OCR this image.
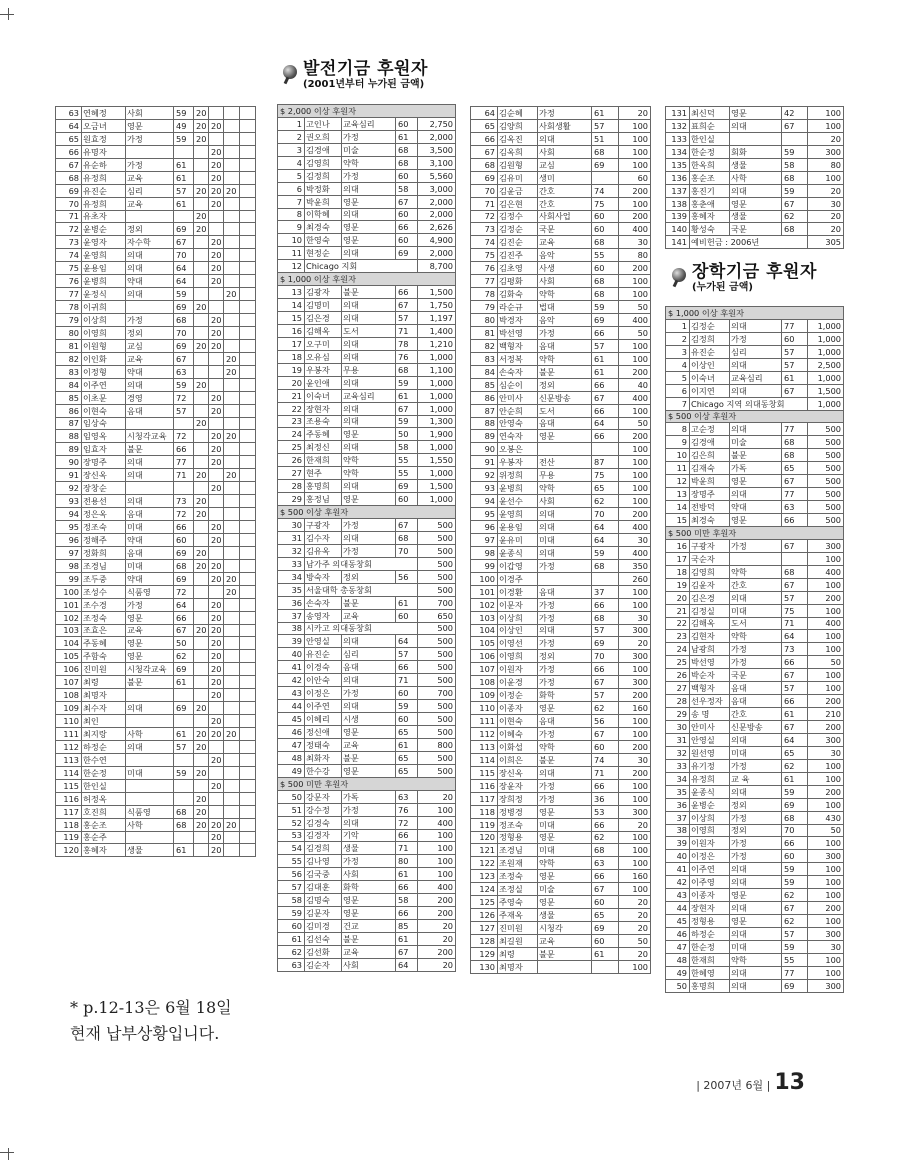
발전기금 후원자
(2001년부터 누가된 금액)
장학기금 후원자
(누가된 금액)
63	연혜정	사회	59	20			
64	오금녀	영문	49	20	20		
65	원효정	가정	59	20			
66	유명자				20		
67	유순하	가정	61		20		
68	유정희	교육	61		20		
69	유진순	심리	57	20	20	20	
70	유정희	교육	61		20		
71	유초자			20			
72	윤병순	정외	69	20			
73	윤영자	자수학	67		20		
74	윤영희	의대	70		20		
75	윤용임	의대	64		20		
76	윤병희	약대	64		20		
77	윤정식	의대	59			20	
78	이귀희		69	20			
79	이상희	가정	68		20		
80	이영희	정외	70		20		
81	이원형	교심	69	20	20		
82	이인화	교육	67			20	
83	이정형	약대	63			20	
84	이주연	의대	59	20			
85	이초문	경영	72		20		
86	이현숙	음대	57		20		
87	임상숙			20			
88	임영옥	시청각교육	72		20	20	
89	임효자	불문	66		20		
90	장명주	의대	77		20		
91	장신옥	의대	71	20		20	
92	장창순				20		
93	전용선	의대	73	20			
94	정은옥	음대	72	20			
95	정조숙	미대	66		20		
96	정해주	약대	60		20		
97	정화희	음대	69	20			
98	조경님	미대	68	20	20		
99	조두중	약대	69		20	20	
100	조성수	식품영	72			20	
101	조수경	가정	64		20		
102	조정숙	영문	66		20		
103	조효은	교육	67	20	20		
104	주동혜	영문	50		20		
105	주함숙	영문	62		20		
106	진미원	시청각교육	69		20		
107	최령	불문	61		20		
108	최명자				20		
109	최수자	의대	69	20			
110	최인				20		
111	최지랑	사학	61	20	20	20	
112	하정순	의대	57	20			
113	한수연				20		
114	한순정	미대	59	20			
115	한인실				20		
116	허정옥			20			
117	호진희	식품영	68	20			
118	홍순조	사학	68	20	20	20	
119	홍순주				20		
120	홍혜자	생물	61		20		
$ 2,000 이상 후원자				
1	고인나	교육심리	60	2,750
2	권오희	가정	61	2,000
3	김경애	미술	68	3,500
4	김영희	약학	68	3,100
5	김정희	가정	60	5,560
6	박정화	의대	58	3,000
7	박윤희	영문	67	2,000
8	이학혜	의대	60	2,000
9	최경숙	영문	66	2,626
10	한영숙	영문	60	4,900
11	현정순	의대	69	2,000
12	Chicago 지회			8,700
$ 1,000 이상 후원자				
13	김광자	불문	66	1,500
14	김명미	의대	67	1,750
15	김은경	의대	57	1,197
16	김해옥	도서	71	1,400
17	오구미	의대	78	1,210
18	오유심	의대	76	1,000
19	우봉자	무용	68	1,100
20	윤인애	의대	59	1,000
21	이숙녀	교육심리	61	1,000
22	장현자	의대	67	1,000
23	조용숙	의대	59	1,300
24	주동혜	영문	50	1,900
25	최정신	의대	58	1,000
26	한재희	약학	55	1,550
27	현주	약학	55	1,000
28	홍명희	의대	69	1,500
29	홍정님	영문	60	1,000
$ 500 이상 후원자				
30	구광자	가정	67	500
31	김수자	의대	68	500
32	김유옥	가정	70	500
33	남가주 의대동창회			500
34	방숙자	정외	56	500
35	서울대학 총동창회			500
36	손숙자	불문	61	700
37	송영자	교육	60	650
38	시카고 의대동창회			500
39	안영실	의대	64	500
40	유진순	심리	57	500
41	이경숙	음대	66	500
42	이안숙	의대	71	500
43	이정은	가정	60	700
44	이주연	의대	59	500
45	이혜리	시생	60	500
46	정신애	영문	65	500
47	정태숙	교육	61	800
48	최화자	불문	65	500
49	한수강	영문	65	500
$ 500 미만 후원자				
50	강문자	가독	63	20
51	강수정	가정	76	100
52	김경숙	의대	72	400
53	김경자	기악	66	100
54	김경희	생물	71	100
55	김나영	가정	80	100
56	김국중	사회	61	100
57	김대훈	화학	66	400
58	김명숙	영문	58	200
59	김문자	영문	66	200
60	김미경	건교	85	20
61	김선숙	불문	61	20
62	김선화	교육	67	200
63	김순자	사회	64	20
64	김순혜	가정	61	20
65	김양희	사회생활	57	100
66	김옥진	의대	51	100
67	김옥희	사회	68	100
68	김원형	교심	69	100
69	김유미	생미		60
70	김윤금	간호	74	200
71	김은현	간호	75	100
72	김정수	사회사업	60	200
73	김정순	국문	60	400
74	김진순	교육	68	30
75	김진주	음악	55	80
76	김초영	사생	60	200
77	김평화	사회	68	100
78	김화숙	약학	68	100
79	라순규	법대	59	50
80	박경자	음악	69	400
81	박선영	가정	66	50
82	백형자	음대	57	100
83	서정복	약학	61	100
84	손숙자	불문	61	200
85	심순이	정외	66	40
86	안미사	신문방송	67	400
87	안순희	도서	66	100
88	안영숙	음대	64	50
89	연숙자	영문	66	200
90	오봉은			100
91	우봉자	전산	87	100
92	위정희	무용	75	100
93	윤병희	약학	65	100
94	윤선수	사회	62	100
95	윤영희	의대	70	200
96	윤용임	의대	64	400
97	윤유미	미대	64	30
98	윤종식	의대	59	400
99	이갑영	가정	68	350
100	이경주			260
101	이경환	음대	37	100
102	이문자	가정	66	100
103	이상희	가정	68	30
104	이상인	의대	57	300
105	이영선	가정	69	20
106	이영희	정외	70	300
107	이원자	가정	66	100
108	이윤경	가정	67	300
109	이정순	화학	57	200
110	이종자	영문	62	160
111	이현숙	음대	56	100
112	이혜숙	가정	67	100
113	이화섭	약학	60	200
114	이희은	불문	74	30
115	장신옥	의대	71	200
116	장윤자	가정	66	100
117	장희정	가정	36	100
118	정병경	영문	53	300
119	정조숙	미대	66	20
120	정형용	영문	62	100
121	조경님	미대	68	100
122	조원재	약학	63	100
123	조정숙	영문	66	160
124	조정실	미술	67	100
125	주영숙	영문	60	20
126	주재옥	생물	65	20
127	진미원	시청각	69	20
128	최길원	교육	60	50
129	최령	불문	61	20
130	최명자			100
131	최신덕	영문	42	100
132	표희순	의대	67	100
133	한인실			20
134	한순정	회화	59	300
135	한옥희	생물	58	80
136	홍순조	사학	68	100
137	홍진기	의대	59	20
138	홍춘애	영문	67	30
139	홍혜자	생물	62	20
140	황성숙	국문	68	20
141	예비헌금 : 2006년			305
$ 1,000 이상 후원자				
1	김정순	의대	77	1,000
2	김정희	가정	60	1,000
3	유진순	심리	57	1,000
4	이상인	의대	57	2,500
5	이숙녀	교육심리	61	1,000
6	이지연	의대	67	1,500
7	Chicago 지역 의대동창회			1,000
$ 500 이상 후원자				
8	고순정	의대	77	500
9	김경애	미술	68	500
10	김은희	불문	68	500
11	김재숙	가독	65	500
12	박윤희	영문	67	500
13	장명주	의대	77	500
14	전방덕	약대	63	500
15	최경숙	영문	66	500
$ 500 미만 후원자				
16	구광자	가정	67	300
17	국순자			100
18	김영희	약학	68	400
19	김윤자	간호	67	100
20	김은경	의대	57	200
21	김정실	미대	75	100
22	김해옥	도서	71	400
23	김현자	약학	64	100
24	남광희	가정	73	100
25	박선영	가정	66	50
26	박순자	국문	67	100
27	백형자	음대	57	100
28	선우정자	음대	66	200
29	송 명	간호	61	210
30	안미사	신문방송	67	200
31	안영실	의대	64	300
32	원선영	미대	65	30
33	유기정	가정	62	100
34	유정희	교 육	61	100
35	윤종식	의대	59	200
36	윤병순	정외	69	100
37	이상희	가정	68	430
38	이영희	정외	70	50
39	이원자	가정	66	100
40	이정은	가정	60	300
41	이주연	의대	59	100
42	이주영	의대	59	100
43	이종자	영문	62	100
44	장현자	의대	67	200
45	정형용	영문	62	100
46	하정순	의대	57	300
47	한순정	미대	59	30
48	한재희	약학	55	100
49	한혜영	의대	77	100
50	홍명희	의대	69	300
* p.12-13은 6월 18일
현재 납부상황입니다.
| 2007년 6월 | 13
